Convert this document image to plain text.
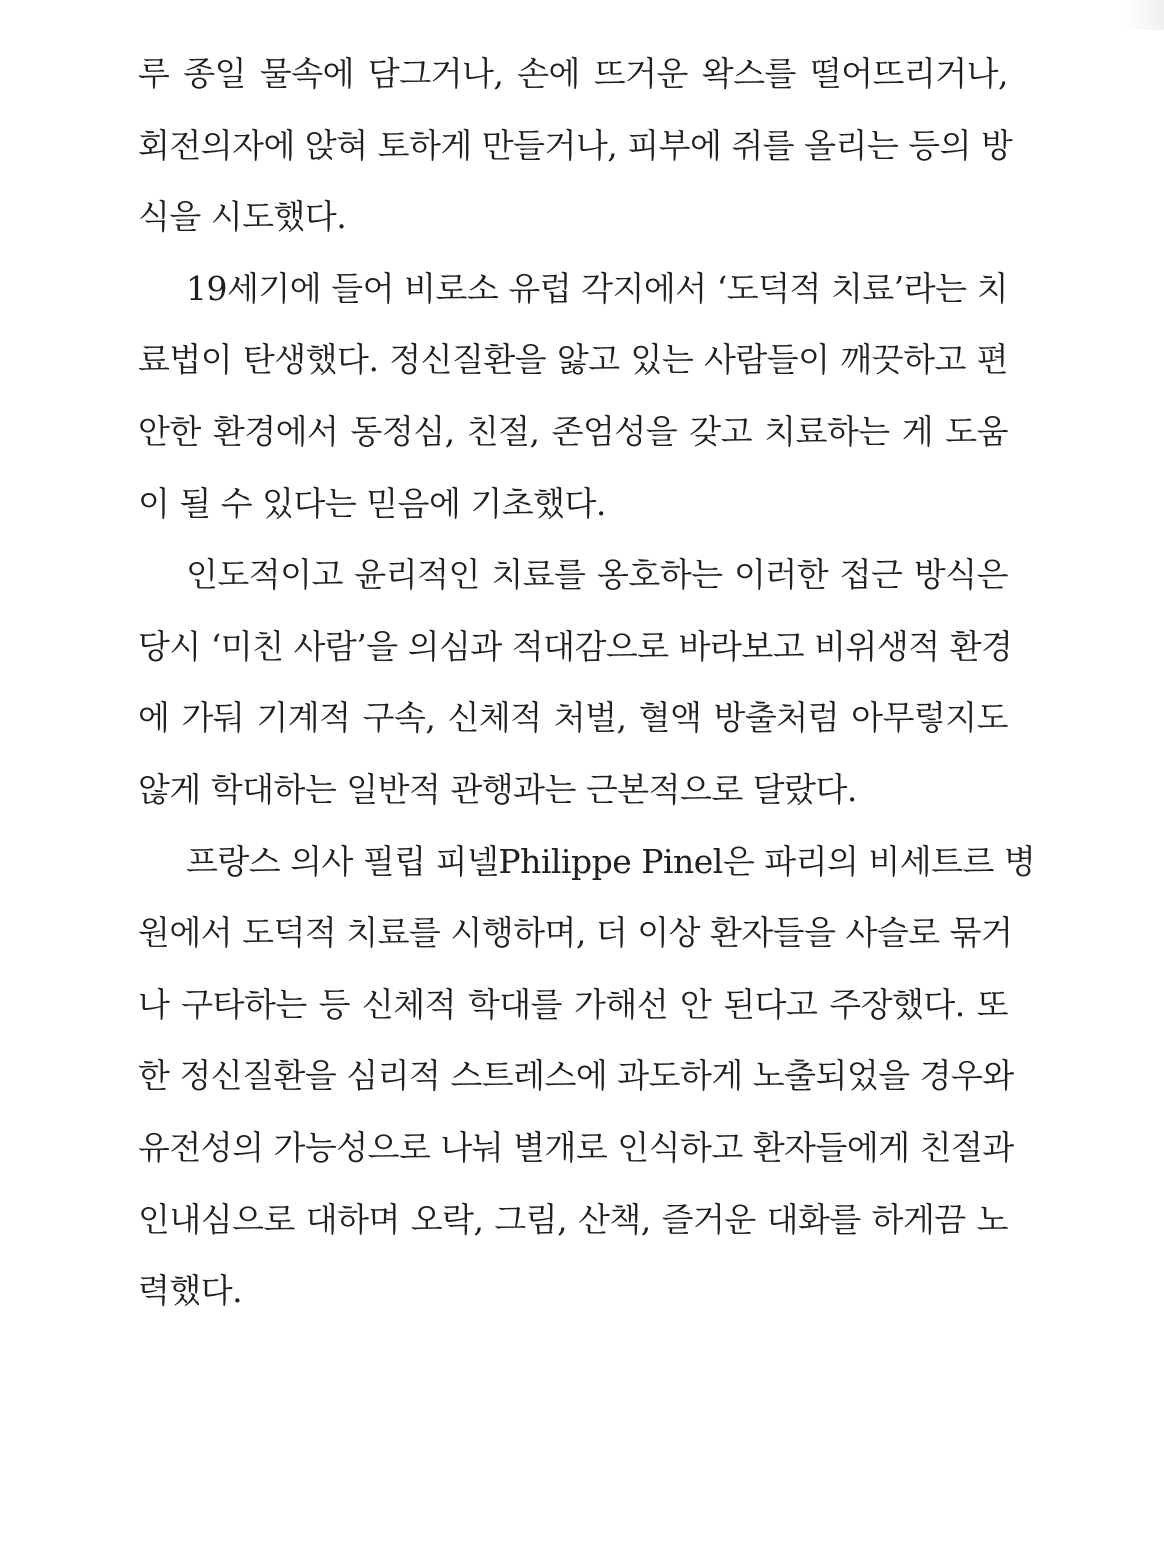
루 종일 물속에 담그거나, 손에 뜨거운 왁스를 떨어뜨리거나,
회전의자에 앉혀 토하게 만들거나, 피부에 쥐를 올리는 등의 방
식을 시도했다.
19세기에 들어 비로소 유럽 각지에서 ‘도덕적 치료’라는 치
료법이 탄생했다. 정신질환을 앓고 있는 사람들이 깨끗하고 편
안한 환경에서 동정심, 친절, 존엄성을 갖고 치료하는 게 도움
이 될 수 있다는 믿음에 기초했다.
인도적이고 윤리적인 치료를 옹호하는 이러한 접근 방식은
당시 ‘미친 사람’을 의심과 적대감으로 바라보고 비위생적 환경
에 가둬 기계적 구속, 신체적 처벌, 혈액 방출처럼 아무렇지도
않게 학대하는 일반적 관행과는 근본적으로 달랐다.
프랑스 의사 필립 피넬Philippe Pinel은 파리의 비세트르 병
원에서 도덕적 치료를 시행하며, 더 이상 환자들을 사슬로 묶거
나 구타하는 등 신체적 학대를 가해선 안 된다고 주장했다. 또
한 정신질환을 심리적 스트레스에 과도하게 노출되었을 경우와
유전성의 가능성으로 나눠 별개로 인식하고 환자들에게 친절과
인내심으로 대하며 오락, 그림, 산책, 즐거운 대화를 하게끔 노
력했다.
